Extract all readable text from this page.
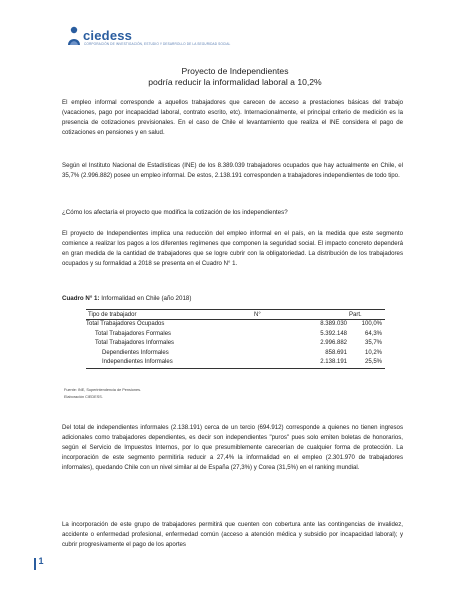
ciedess
CORPORACIÓN DE INVESTIGACIÓN, ESTUDIO Y DESARROLLO DE LA SEGURIDAD SOCIAL
Proyecto de Independientes
podría reducir la informalidad laboral a 10,2%

El empleo informal corresponde a aquellos trabajadores que carecen de acceso a prestaciones básicas del trabajo (vacaciones, pago por incapacidad laboral, contrato escrito, etc). Internacionalmente, el principal criterio de medición es la presencia de cotizaciones previsionales. En el caso de Chile el levantamiento que realiza el INE considera el pago de cotizaciones en pensiones y en salud.

Según el Instituto Nacional de Estadísticas (INE) de los 8.389.039 trabajadores ocupados que hay actualmente en Chile, el 35,7% (2.996.882) posee un empleo informal. De estos, 2.138.191 corresponden a trabajadores independientes de todo tipo.

¿Cómo los afectaría el proyecto que modifica la cotización de los independientes?

El proyecto de Independientes implica una reducción del empleo informal en el país, en la medida que este segmento comience a realizar los pagos a los diferentes regímenes que componen la seguridad social. El impacto concreto dependerá en gran medida de la cantidad de trabajadores que se logre cubrir con la obligatoriedad. La distribución de los trabajadores ocupados y su formalidad a 2018 se presenta en el Cuadro N° 1.

Cuadro N° 1: Informalidad en Chile (año 2018)
Tipo de trabajador	N°	Part.
Total Trabajadores Ocupados	8.389.030	100,0%
Total Trabajadores Formales	5.392.148	64,3%
Total Trabajadores Informales	2.996.882	35,7%
Dependientes Informales	858.691	10,2%
Independientes Informales	2.138.191	25,5%
Fuente: INE, Superintendencia de Pensiones.
Elaboración CIEDESS.

Del total de independientes informales (2.138.191) cerca de un tercio (694.912) corresponde a quienes no tienen ingresos adicionales como trabajadores dependientes, es decir son independientes "puros" pues solo emiten boletas de honorarios, según el Servicio de Impuestos Internos, por lo que presumiblemente carecerían de cualquier forma de protección. La incorporación de este segmento permitiría reducir a 27,4% la informalidad en el empleo (2.301.970 de trabajadores informales), quedando Chile con un nivel similar al de España (27,3%) y Corea (31,5%) en el ranking mundial.

La incorporación de este grupo de trabajadores permitirá que cuenten con cobertura ante las contingencias de invalidez, accidente o enfermedad profesional, enfermedad común (acceso a atención médica y subsidio por incapacidad laboral); y cubrir progresivamente el pago de los aportes

1
